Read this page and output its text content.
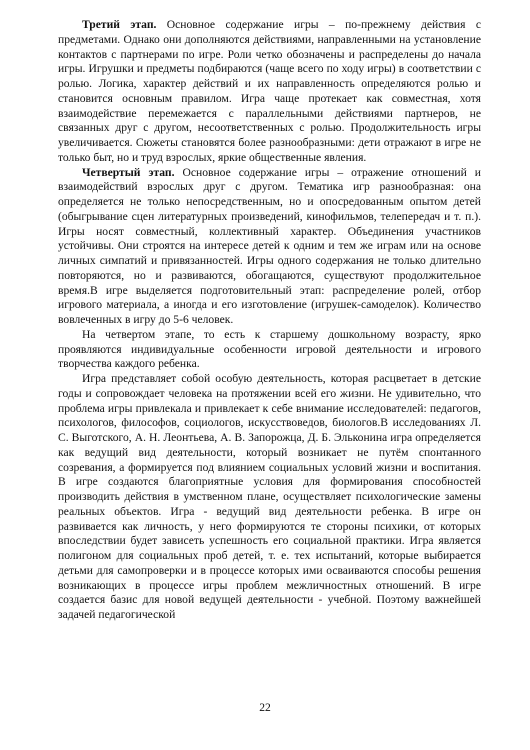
Третий этап. Основное содержание игры – по-прежнему действия с предметами. Однако они дополняются действиями, направленными на установление контактов с партнерами по игре. Роли четко обозначены и распределены до начала игры. Игрушки и предметы подбираются (чаще всего по ходу игры) в соответствии с ролью. Логика, характер действий и их направленность определяются ролью и становится основным правилом. Игра чаще протекает как совместная, хотя взаимодействие перемежается с параллельными действиями партнеров, не связанных друг с другом, несоответственных с ролью. Продолжительность игры увеличивается. Сюжеты становятся более разнообразными: дети отражают в игре не только быт, но и труд взрослых, яркие общественные явления.

Четвертый этап. Основное содержание игры – отражение отношений и взаимодействий взрослых друг с другом. Тематика игр разнообразная: она определяется не только непосредственным, но и опосредованным опытом детей (обыгрывание сцен литературных произведений, кинофильмов, телепередач и т. п.). Игры носят совместный, коллективный характер. Объединения участников устойчивы. Они строятся на интересе детей к одним и тем же играм или на основе личных симпатий и привязанностей. Игры одного содержания не только длительно повторяются, но и развиваются, обогащаются, существуют продолжительное время.В игре выделяется подготовительный этап: распределение ролей, отбор игрового материала, а иногда и его изготовление (игрушек-самоделок). Количество вовлеченных в игру до 5-6 человек.

На четвертом этапе, то есть к старшему дошкольному возрасту, ярко проявляются индивидуальные особенности игровой деятельности и игрового творчества каждого ребенка.

Игра представляет собой особую деятельность, которая расцветает в детские годы и сопровождает человека на протяжении всей его жизни. Не удивительно, что проблема игры привлекала и привлекает к себе внимание исследователей: педагогов, психологов, философов, социологов, искусствоведов, биологов.В исследованиях Л. С. Выготского, А. Н. Леонтьева, А. В. Запорожца, Д. Б. Эльконина игра определяется как ведущий вид деятельности, который возникает не путём спонтанного созревания, а формируется под влиянием социальных условий жизни и воспитания. В игре создаются благоприятные условия для формирования способностей производить действия в умственном плане, осуществляет психологические замены реальных объектов. Игра - ведущий вид деятельности ребенка. В игре он развивается как личность, у него формируются те стороны психики, от которых впоследствии будет зависеть успешность его социальной практики. Игра является полигоном для социальных проб детей, т. е. тех испытаний, которые выбирается детьми для самопроверки и в процессе которых ими осваиваются способы решения возникающих в процессе игры проблем межличностных отношений. В игре создается базис для новой ведущей деятельности - учебной. Поэтому важнейшей задачей педагогической

22
